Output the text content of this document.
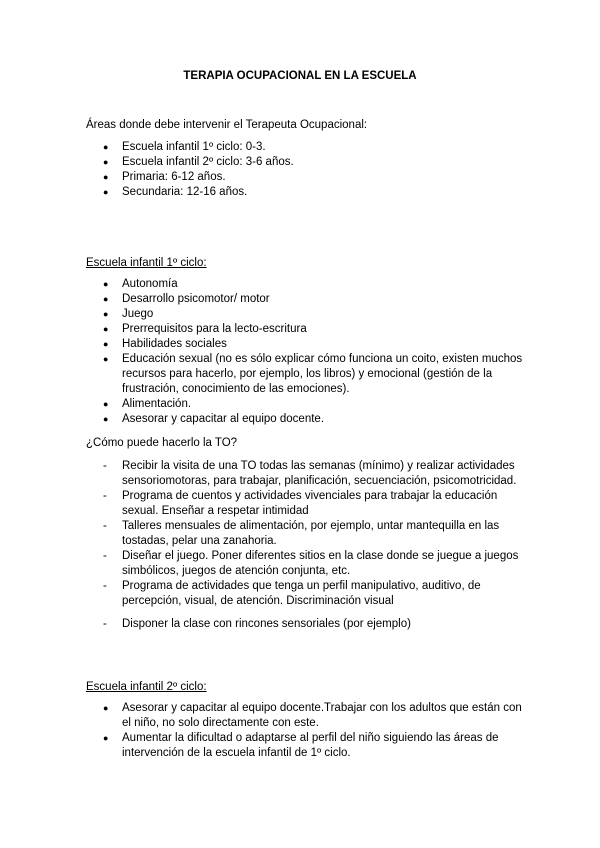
TERAPIA OCUPACIONAL EN LA ESCUELA

Áreas donde debe intervenir el Terapeuta Ocupacional:

●	Escuela infantil 1º ciclo: 0-3.
●	Escuela infantil 2º ciclo: 3-6 años.
●	Primaria: 6-12 años.
●	Secundaria: 12-16 años.

Escuela infantil 1º ciclo:

●	Autonomía
●	Desarrollo psicomotor/ motor
●	Juego
●	Prerrequisitos para la lecto-escritura
●	Habilidades sociales
●	Educación sexual (no es sólo explicar cómo funciona un coito, existen muchos recursos para hacerlo, por ejemplo, los libros) y emocional (gestión de la frustración, conocimiento de las emociones).
●	Alimentación.
●	Asesorar y capacitar al equipo docente.

¿Cómo puede hacerlo la TO?

-	Recibir la visita de una TO todas las semanas (mínimo) y realizar actividades sensoriomotoras, para trabajar, planificación, secuenciación, psicomotricidad.
-	Programa de cuentos y actividades vivenciales para trabajar la educación sexual. Enseñar a respetar intimidad
-	Talleres mensuales de alimentación, por ejemplo, untar mantequilla en las tostadas, pelar una zanahoria.
-	Diseñar el juego. Poner diferentes sitios en la clase donde se juegue a juegos simbólicos, juegos de atención conjunta, etc.
-	Programa de actividades que tenga un perfil manipulativo, auditivo, de percepción, visual, de atención. Discriminación visual
-	Disponer la clase con rincones sensoriales (por ejemplo)

Escuela infantil 2º ciclo:

●	Asesorar y capacitar al equipo docente.Trabajar con los adultos que están con el niño, no solo directamente con este.
●	Aumentar la dificultad o adaptarse al perfil del niño siguiendo las áreas de intervención de la escuela infantil de 1º ciclo.
